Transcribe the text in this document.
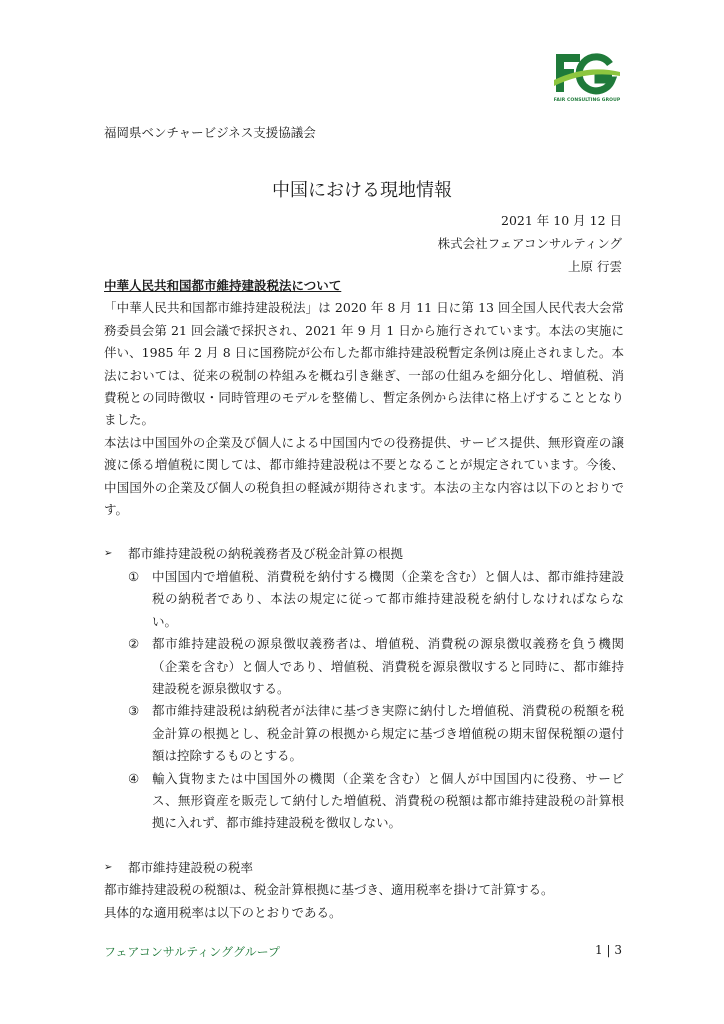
FAIR CONSULTING GROUP
福岡県ベンチャービジネス支援協議会
中国における現地情報
2021 年 10 月 12 日
株式会社フェアコンサルティング
上原 行雲
中華人民共和国都市維持建設税法について

「中華人民共和国都市維持建設税法」は 2020 年 8 月 11 日に第 13 回全国人民代表大会常務委員会第 21 回会議で採択され、2021 年 9 月 1 日から施行されています。本法の実施に伴い、1985 年 2 月 8 日に国務院が公布した都市維持建設税暫定条例は廃止されました。本法においては、従来の税制の枠組みを概ね引き継ぎ、一部の仕組みを細分化し、増値税、消費税との同時徴収・同時管理のモデルを整備し、暫定条例から法律に格上げすることとなりました。

本法は中国国外の企業及び個人による中国国内での役務提供、サービス提供、無形資産の譲渡に係る増値税に関しては、都市維持建設税は不要となることが規定されています。今後、中国国外の企業及び個人の税負担の軽減が期待されます。本法の主な内容は以下のとおりです。

➢	都市維持建設税の納税義務者及び税金計算の根拠
①	中国国内で増値税、消費税を納付する機関（企業を含む）と個人は、都市維持建設税の納税者であり、本法の規定に従って都市維持建設税を納付しなければならない。
②	都市維持建設税の源泉徴収義務者は、増値税、消費税の源泉徴収義務を負う機関（企業を含む）と個人であり、増値税、消費税を源泉徴収すると同時に、都市維持建設税を源泉徴収する。
③	都市維持建設税は納税者が法律に基づき実際に納付した増値税、消費税の税額を税金計算の根拠とし、税金計算の根拠から規定に基づき増値税の期末留保税額の還付額は控除するものとする。
④	輸入貨物または中国国外の機関（企業を含む）と個人が中国国内に役務、サービス、無形資産を販売して納付した増値税、消費税の税額は都市維持建設税の計算根拠に入れず、都市維持建設税を徴収しない。
➢	都市維持建設税の税率

都市維持建設税の税額は、税金計算根拠に基づき、適用税率を掛けて計算する。

具体的な適用税率は以下のとおりである。

フェアコンサルティンググループ	1 | 3
